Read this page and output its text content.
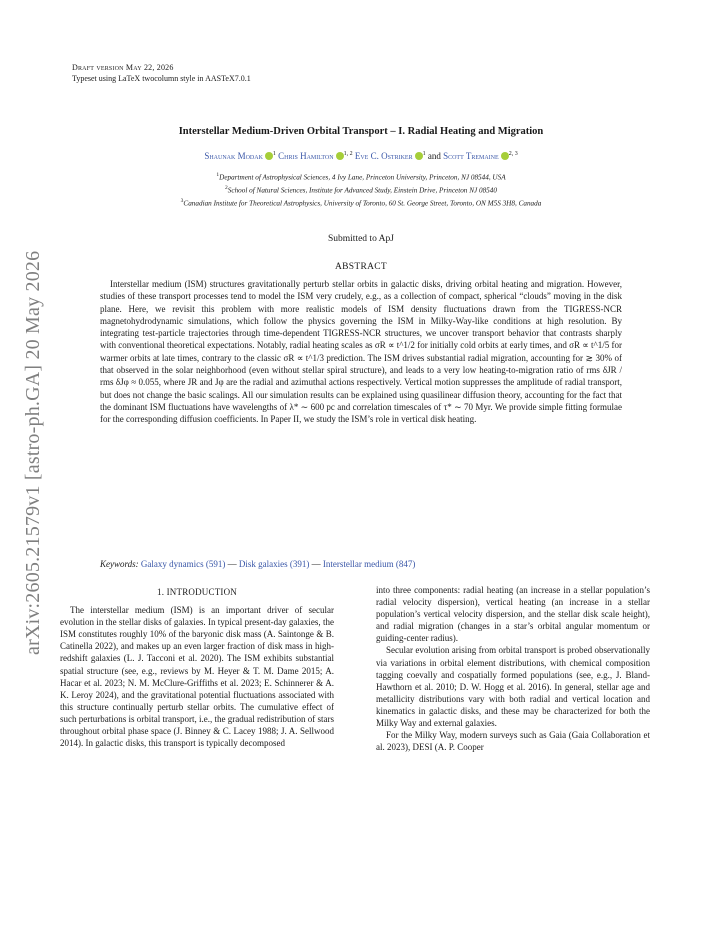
arXiv:2605.21579v1 [astro-ph.GA] 20 May 2026
Draft version May 22, 2026
Typeset using LaTeX twocolumn style in AASTeX7.0.1
Interstellar Medium-Driven Orbital Transport – I. Radial Heating and Migration
Shaunak Modak $^1$ Chris Hamilton $^{1, 2}$ Eve C. Ostriker $^1$ and Scott Tremaine $^{2, 3}$
$^1$Department of Astrophysical Sciences, 4 Ivy Lane, Princeton University, Princeton, NJ 08544, USA
$^2$School of Natural Sciences, Institute for Advanced Study, Einstein Drive, Princeton NJ 08540
$^3$Canadian Institute for Theoretical Astrophysics, University of Toronto, 60 St. George Street, Toronto, ON M5S 3H8, Canada
Submitted to ApJ
ABSTRACT
Interstellar medium (ISM) structures gravitationally perturb stellar orbits in galactic disks, driving orbital heating and migration. However, studies of these transport processes tend to model the ISM very crudely, e.g., as a collection of compact, spherical “clouds” moving in the disk plane. Here, we revisit this problem with more realistic models of ISM density fluctuations drawn from the TIGRESS-NCR magnetohydrodynamic simulations, which follow the physics governing the ISM in Milky-Way-like conditions at high resolution. By integrating test-particle trajectories through time-dependent TIGRESS-NCR structures, we uncover transport behavior that contrasts sharply with conventional theoretical expectations. Notably, radial heating scales as σR ∝ t^1/2 for initially cold orbits at early times, and σR ∝ t^1/5 for warmer orbits at late times, contrary to the classic σR ∝ t^1/3 prediction. The ISM drives substantial radial migration, accounting for ≳ 30% of that observed in the solar neighborhood (even without stellar spiral structure), and leads to a very low heating-to-migration ratio of rms δJR / rms δJφ ≈ 0.055, where JR and Jφ are the radial and azimuthal actions respectively. Vertical motion suppresses the amplitude of radial transport, but does not change the basic scalings. All our simulation results can be explained using quasilinear diffusion theory, accounting for the fact that the dominant ISM fluctuations have wavelengths of λ* ∼ 600 pc and correlation timescales of τ* ∼ 70 Myr. We provide simple fitting formulae for the corresponding diffusion coefficients. In Paper II, we study the ISM’s role in vertical disk heating.
Keywords: Galaxy dynamics (591) — Disk galaxies (391) — Interstellar medium (847)
1. INTRODUCTION

The interstellar medium (ISM) is an important driver of secular evolution in the stellar disks of galaxies. In typical present-day galaxies, the ISM constitutes roughly 10% of the baryonic disk mass (A. Saintonge & B. Catinella 2022), and makes up an even larger fraction of disk mass in high-redshift galaxies (L. J. Tacconi et al. 2020). The ISM exhibits substantial spatial structure (see, e.g., reviews by M. Heyer & T. M. Dame 2015; A. Hacar et al. 2023; N. M. McClure-Griffiths et al. 2023; E. Schinnerer & A. K. Leroy 2024), and the gravitational potential fluctuations associated with this structure continually perturb stellar orbits. The cumulative effect of such perturbations is orbital transport, i.e., the gradual redistribution of stars throughout orbital phase space (J. Binney & C. Lacey 1988; J. A. Sellwood 2014). In galactic disks, this transport is typically decomposed

into three components: radial heating (an increase in a stellar population’s radial velocity dispersion), vertical heating (an increase in a stellar population’s vertical velocity dispersion, and the stellar disk scale height), and radial migration (changes in a star’s orbital angular momentum or guiding-center radius).

Secular evolution arising from orbital transport is probed observationally via variations in orbital element distributions, with chemical composition tagging coevally and cospatially formed populations (see, e.g., J. Bland-Hawthorn et al. 2010; D. W. Hogg et al. 2016). In general, stellar age and metallicity distributions vary with both radial and vertical location and kinematics in galactic disks, and these may be characterized for both the Milky Way and external galaxies.

For the Milky Way, modern surveys such as Gaia (Gaia Collaboration et al. 2023), DESI (A. P. Cooper
